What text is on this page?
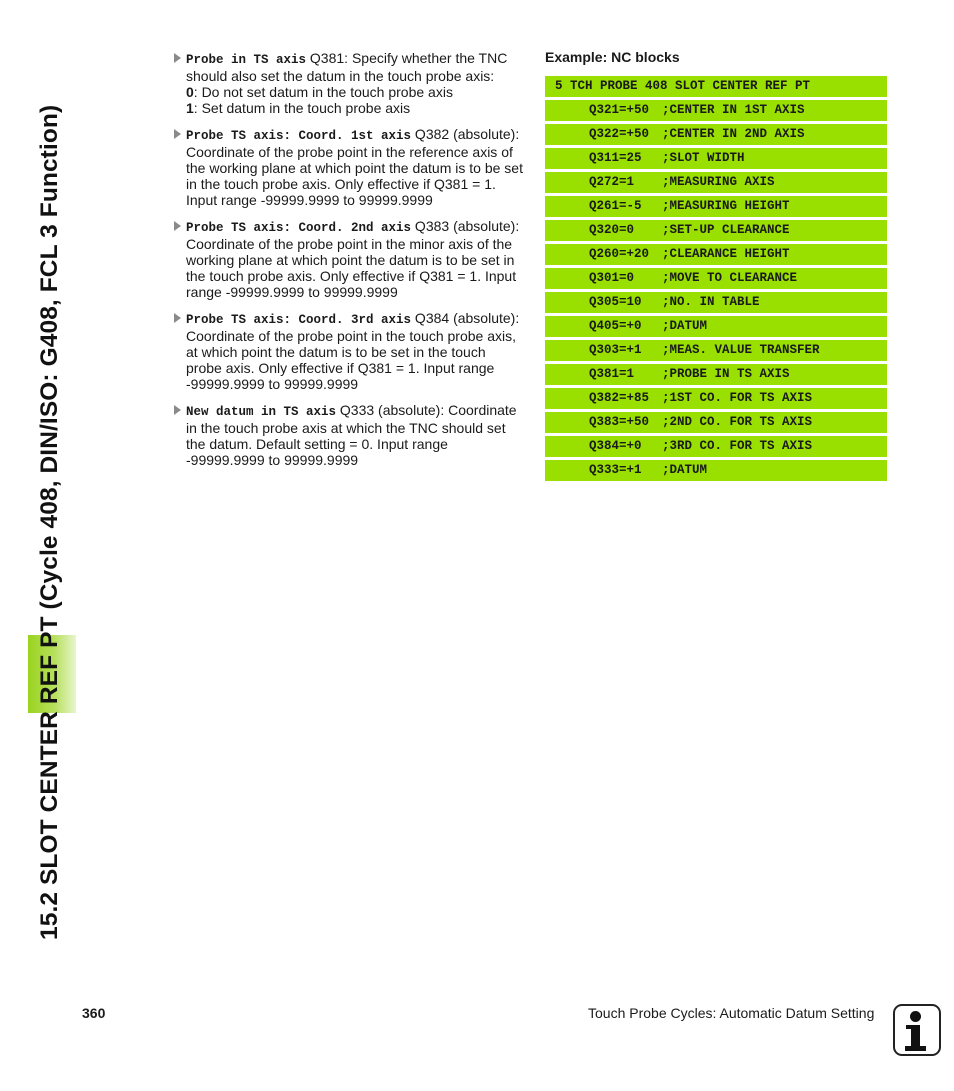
15.2 SLOT CENTER REF PT (Cycle 408, DIN/ISO: G408, FCL 3 Function)
Probe in TS axis Q381: Specify whether the TNC should also set the datum in the touch probe axis:
0: Do not set datum in the touch probe axis
1: Set datum in the touch probe axis
Probe TS axis: Coord. 1st axis Q382 (absolute): Coordinate of the probe point in the reference axis of the working plane at which point the datum is to be set in the touch probe axis. Only effective if Q381 = 1. Input range -99999.9999 to 99999.9999
Probe TS axis: Coord. 2nd axis Q383 (absolute): Coordinate of the probe point in the minor axis of the working plane at which point the datum is to be set in the touch probe axis. Only effective if Q381 = 1. Input range -99999.9999 to 99999.9999
Probe TS axis: Coord. 3rd axis Q384 (absolute): Coordinate of the probe point in the touch probe axis, at which point the datum is to be set in the touch probe axis. Only effective if Q381 = 1. Input range -99999.9999 to 99999.9999
New datum in TS axis Q333 (absolute): Coordinate in the touch probe axis at which the TNC should set the datum. Default setting = 0. Input range -99999.9999 to 99999.9999
Example: NC blocks
5 TCH PROBE 408 SLOT CENTER REF PT
Q321=+50 ;CENTER IN 1ST AXIS
Q322=+50 ;CENTER IN 2ND AXIS
Q311=25 ;SLOT WIDTH
Q272=1 ;MEASURING AXIS
Q261=-5 ;MEASURING HEIGHT
Q320=0 ;SET-UP CLEARANCE
Q260=+20 ;CLEARANCE HEIGHT
Q301=0 ;MOVE TO CLEARANCE
Q305=10 ;NO. IN TABLE
Q405=+0 ;DATUM
Q303=+1 ;MEAS. VALUE TRANSFER
Q381=1 ;PROBE IN TS AXIS
Q382=+85 ;1ST CO. FOR TS AXIS
Q383=+50 ;2ND CO. FOR TS AXIS
Q384=+0 ;3RD CO. FOR TS AXIS
Q333=+1 ;DATUM
360	Touch Probe Cycles: Automatic Datum Setting
